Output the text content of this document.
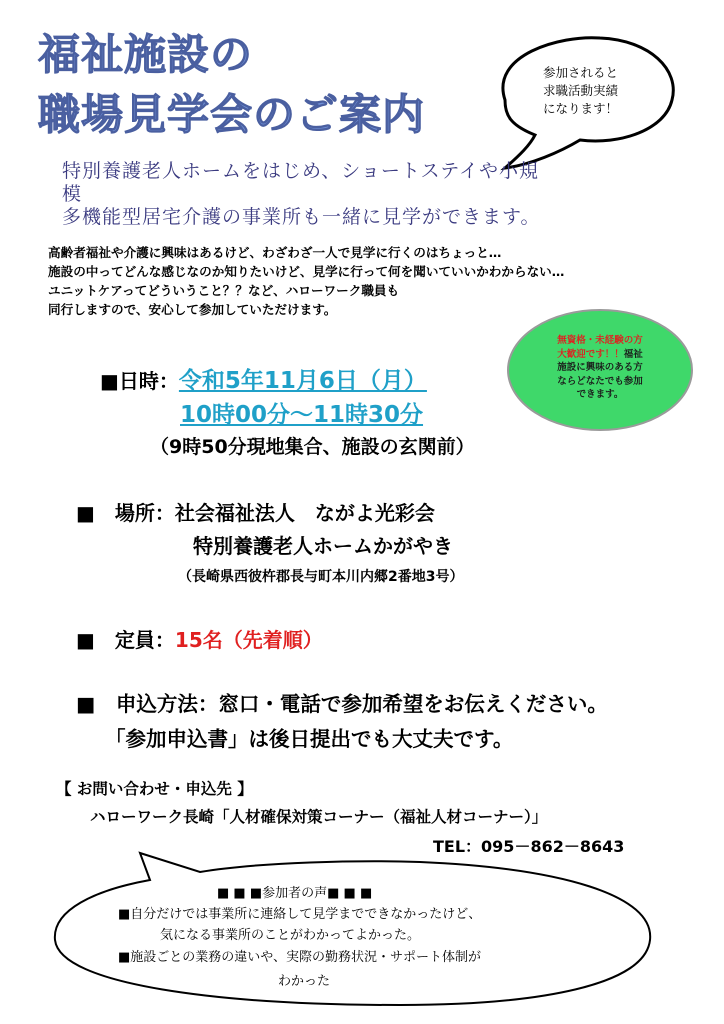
福祉施設の
職場見学会のご案内
参加されると
求職活動実績
になります！
特別養護老人ホームをはじめ、ショートステイや小規
模
多機能型居宅介護の事業所も一緒に見学ができます。
高齢者福祉や介護に興味はあるけど、わざわざ一人で見学に行くのはちょっと…
施設の中ってどんな感じなのか知りたいけど、見学に行って何を聞いていいかわからない…
ユニットケアってどういうこと？？など、ハローワーク職員も
同行しますので、安心して参加していただけます。
無資格・未経験の方
大歓迎です！！福祉
施設に興味のある方
ならどなたでも参加
できます。
■日時：令和5年11月6日（月）
10時00分～11時30分
（9時50分現地集合、施設の玄関前）
■　場所：社会福祉法人　ながよ光彩会
特別養護老人ホームかがやき
（長崎県西彼杵郡長与町本川内郷2番地3号）
■　定員：15名（先着順）
■　申込方法：窓口・電話で参加希望をお伝えください。
「参加申込書」は後日提出でも大丈夫です。
【 お問い合わせ・申込先 】
ハローワーク長崎「人材確保対策コーナー（福祉人材コーナー）」
TEL：095－862－8643
■ ■ ■参加者の声■ ■ ■
■自分だけでは事業所に連絡して見学までできなかったけど、
気になる事業所のことがわかってよかった。
■施設ごとの業務の違いや、実際の勤務状況・サポート体制が
わかった
